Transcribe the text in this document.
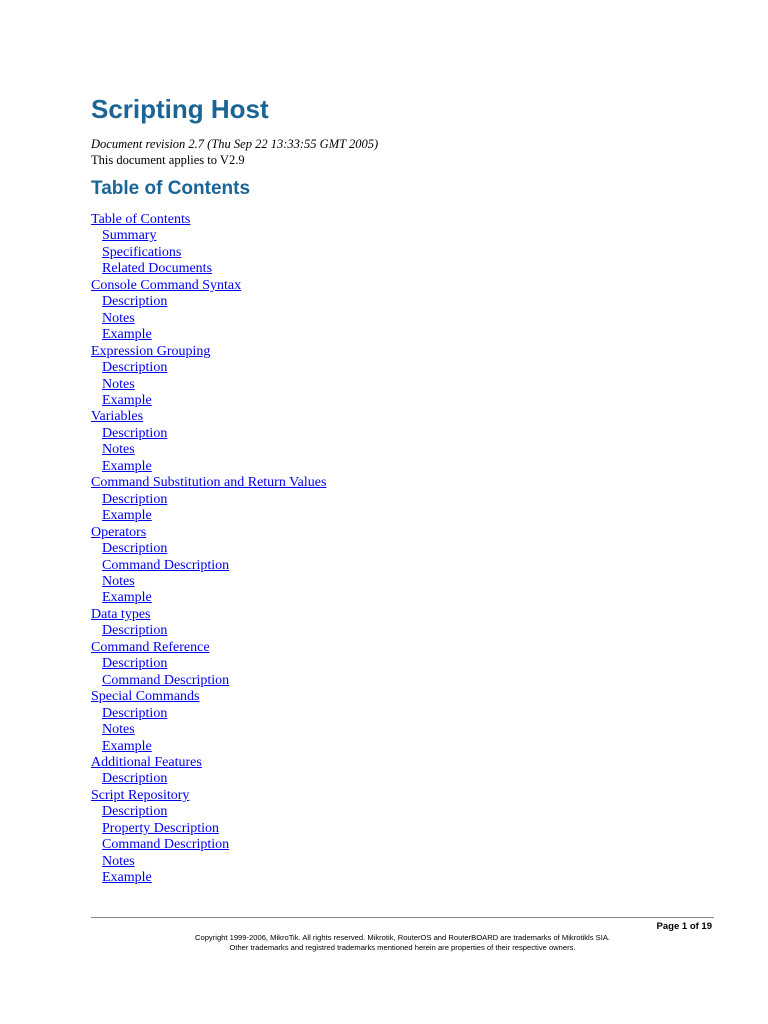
Scripting Host
Document revision 2.7 (Thu Sep 22 13:33:55 GMT 2005)
This document applies to V2.9
Table of Contents
Table of Contents
Summary
Specifications
Related Documents
Console Command Syntax
Description
Notes
Example
Expression Grouping
Description
Notes
Example
Variables
Description
Notes
Example
Command Substitution and Return Values
Description
Example
Operators
Description
Command Description
Notes
Example
Data types
Description
Command Reference
Description
Command Description
Special Commands
Description
Notes
Example
Additional Features
Description
Script Repository
Description
Property Description
Command Description
Notes
Example
Page 1 of 19
Copyright 1999-2006, MikroTik. All rights reserved. Mikrotik, RouterOS and RouterBOARD are trademarks of Mikrotikls SIA.
Other trademarks and registred trademarks mentioned herein are properties of their respective owners.
